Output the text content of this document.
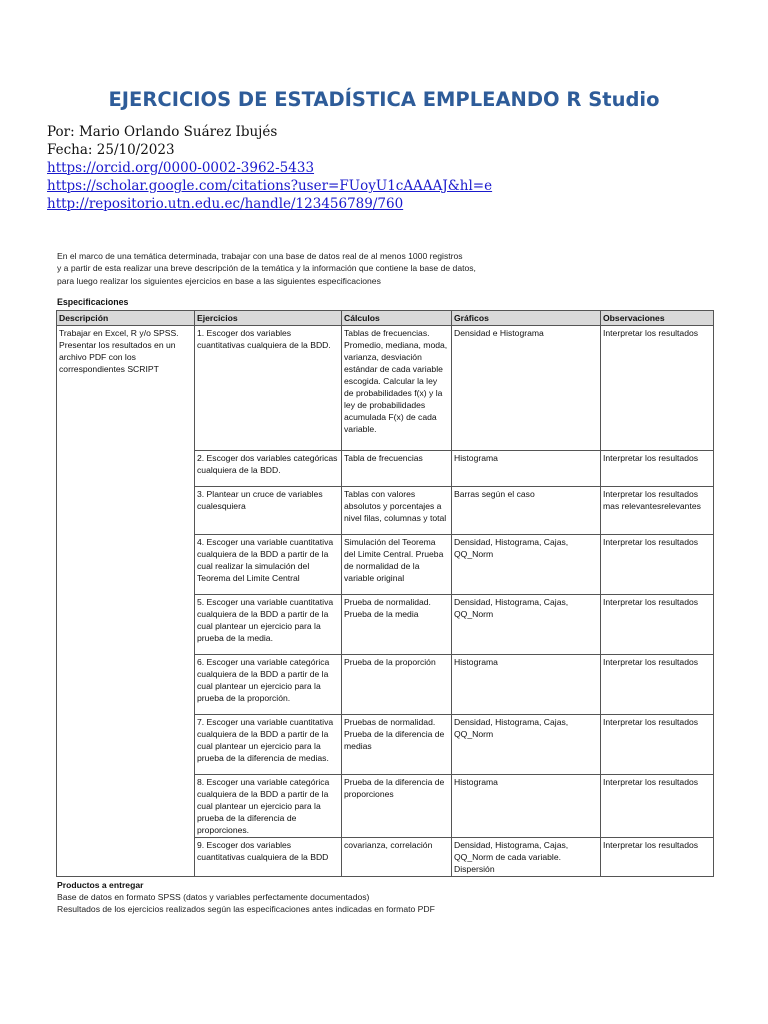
EJERCICIOS DE ESTADÍSTICA EMPLEANDO R Studio
Por: Mario Orlando Suárez Ibujés
Fecha: 25/10/2023
https://orcid.org/0000-0002-3962-5433
https://scholar.google.com/citations?user=FUoyU1cAAAAJ&hl=e
http://repositorio.utn.edu.ec/handle/123456789/760
En el marco de una temática determinada, trabajar con una base de datos real de al menos 1000 registros
y a partir de esta realizar una breve descripción de la temática y la información que contiene la base de datos,
para luego realizar los siguientes ejercicios en base a las siguientes especificaciones
Especificaciones
Descripción	Ejercicios	Cálculos	Gráficos	Observaciones
Trabajar en Excel, R y/o SPSS. Presentar los resultados en un archivo PDF con los correspondientes SCRIPT	1. Escoger dos variables cuantitativas cualquiera de la BDD.	Tablas de frecuencias. Promedio, mediana, moda, varianza, desviación estándar de cada variable escogida. Calcular la ley de probabilidades f(x) y la ley de probabilidades acumulada F(x) de cada variable.	Densidad e Histograma	Interpretar los resultados
	2. Escoger dos variables categóricas cualquiera de la BDD.	Tabla de frecuencias	Histograma	Interpretar los resultados
	3. Plantear un cruce de variables cualesquiera	Tablas con valores absolutos y porcentajes a nivel filas, columnas y total	Barras según el caso	Interpretar los resultados mas relevantesrelevantes
	4. Escoger una variable cuantitativa cualquiera de la BDD a partir de la cual realizar la simulación del Teorema del Limite Central	Simulación del Teorema del Limite Central. Prueba de normalidad de la variable original	Densidad, Histograma, Cajas, QQ_Norm	Interpretar los resultados
	5. Escoger una variable cuantitativa cualquiera de la BDD a partir de la cual plantear un ejercicio para la prueba de la media.	Prueba de normalidad. Prueba de la media	Densidad, Histograma, Cajas, QQ_Norm	Interpretar los resultados
	6. Escoger una variable categórica cualquiera de la BDD a partir de la cual plantear un ejercicio para la prueba de la proporción.	Prueba de la proporción	Histograma	Interpretar los resultados
	7. Escoger una variable cuantitativa cualquiera de la BDD a partir de la cual plantear un ejercicio para la prueba de la diferencia de medias.	Pruebas de normalidad. Prueba de la diferencia de medias	Densidad, Histograma, Cajas, QQ_Norm	Interpretar los resultados
	8. Escoger una variable categórica cualquiera de la BDD a partir de la cual plantear un ejercicio para la prueba de la diferencia de proporciones.	Prueba de la diferencia de proporciones	Histograma	Interpretar los resultados
	9. Escoger dos variables cuantitativas cualquiera de la BDD	covarianza, correlación	Densidad, Histograma, Cajas, QQ_Norm de cada variable. Dispersión	Interpretar los resultados
Productos a entregar
Base de datos en formato SPSS (datos y variables perfectamente documentados)
Resultados de los ejercicios realizados según las especificaciones antes indicadas en formato PDF
